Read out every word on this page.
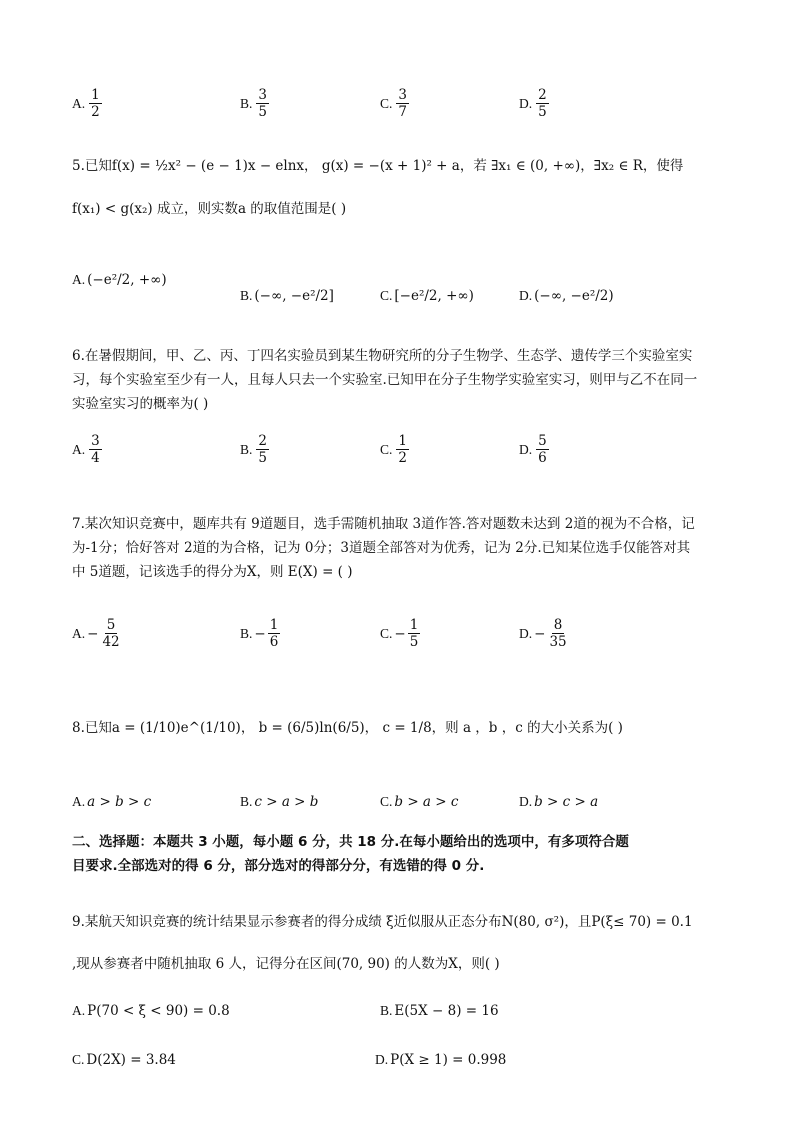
A. $\frac{1}{2}$	B. $\frac{3}{5}$	C. $\frac{3}{7}$	D. $\frac{2}{5}$
5.已知f(x) = ½x² − (e − 1)x − elnx， g(x) = −(x + 1)² + a，若 ∃x₁ ∈ (0, +∞)，∃x₂ ∈ R，使得
f(x₁) < g(x₂) 成立，则实数a 的取值范围是( )
A. (−e²/2, +∞)
B. (−∞, −e²/2]	C. [−e²/2, +∞)	D. (−∞, −e²/2)
6.在暑假期间，甲、乙、丙、丁四名实验员到某生物研究所的分子生物学、生态学、遗传学三个实验室实
习，每个实验室至少有一人，且每人只去一个实验室.已知甲在分子生物学实验室实习，则甲与乙不在同一
实验室实习的概率为( )
A. $\frac{3}{4}$	B. $\frac{2}{5}$	C. $\frac{1}{2}$	D. $\frac{5}{6}$
7.某次知识竞赛中，题库共有 9道题目，选手需随机抽取 3道作答.答对题数未达到 2道的视为不合格，记
为-1分；恰好答对 2道的为合格，记为 0分；3道题全部答对为优秀，记为 2分.已知某位选手仅能答对其
中 5道题，记该选手的得分为X，则 E(X) = ( )
A. − $\frac{5}{42}$	B. − $\frac{1}{6}$	C. − $\frac{1}{5}$	D. − $\frac{8}{35}$
8.已知a = (1/10)e^(1/10)， b = (6/5)ln(6/5)， c = 1/8，则 a ，b ，c 的大小关系为( )
A. a > b > c	B. c > a > b	C. b > a > c	D. b > c > a
二、选择题：本题共 3 小题，每小题 6 分，共 18 分.在每小题给出的选项中，有多项符合题
目要求.全部选对的得 6 分，部分选对的得部分分，有选错的得 0 分.
9.某航天知识竞赛的统计结果显示参赛者的得分成绩 ξ近似服从正态分布N(80, σ²)，且P(ξ≤ 70) = 0.1
,现从参赛者中随机抽取 6 人，记得分在区间(70, 90) 的人数为X，则( )
A. P(70 < ξ < 90) = 0.8	B. E(5X − 8) = 16
C. D(2X) = 3.84	D. P(X ≥ 1) = 0.998
